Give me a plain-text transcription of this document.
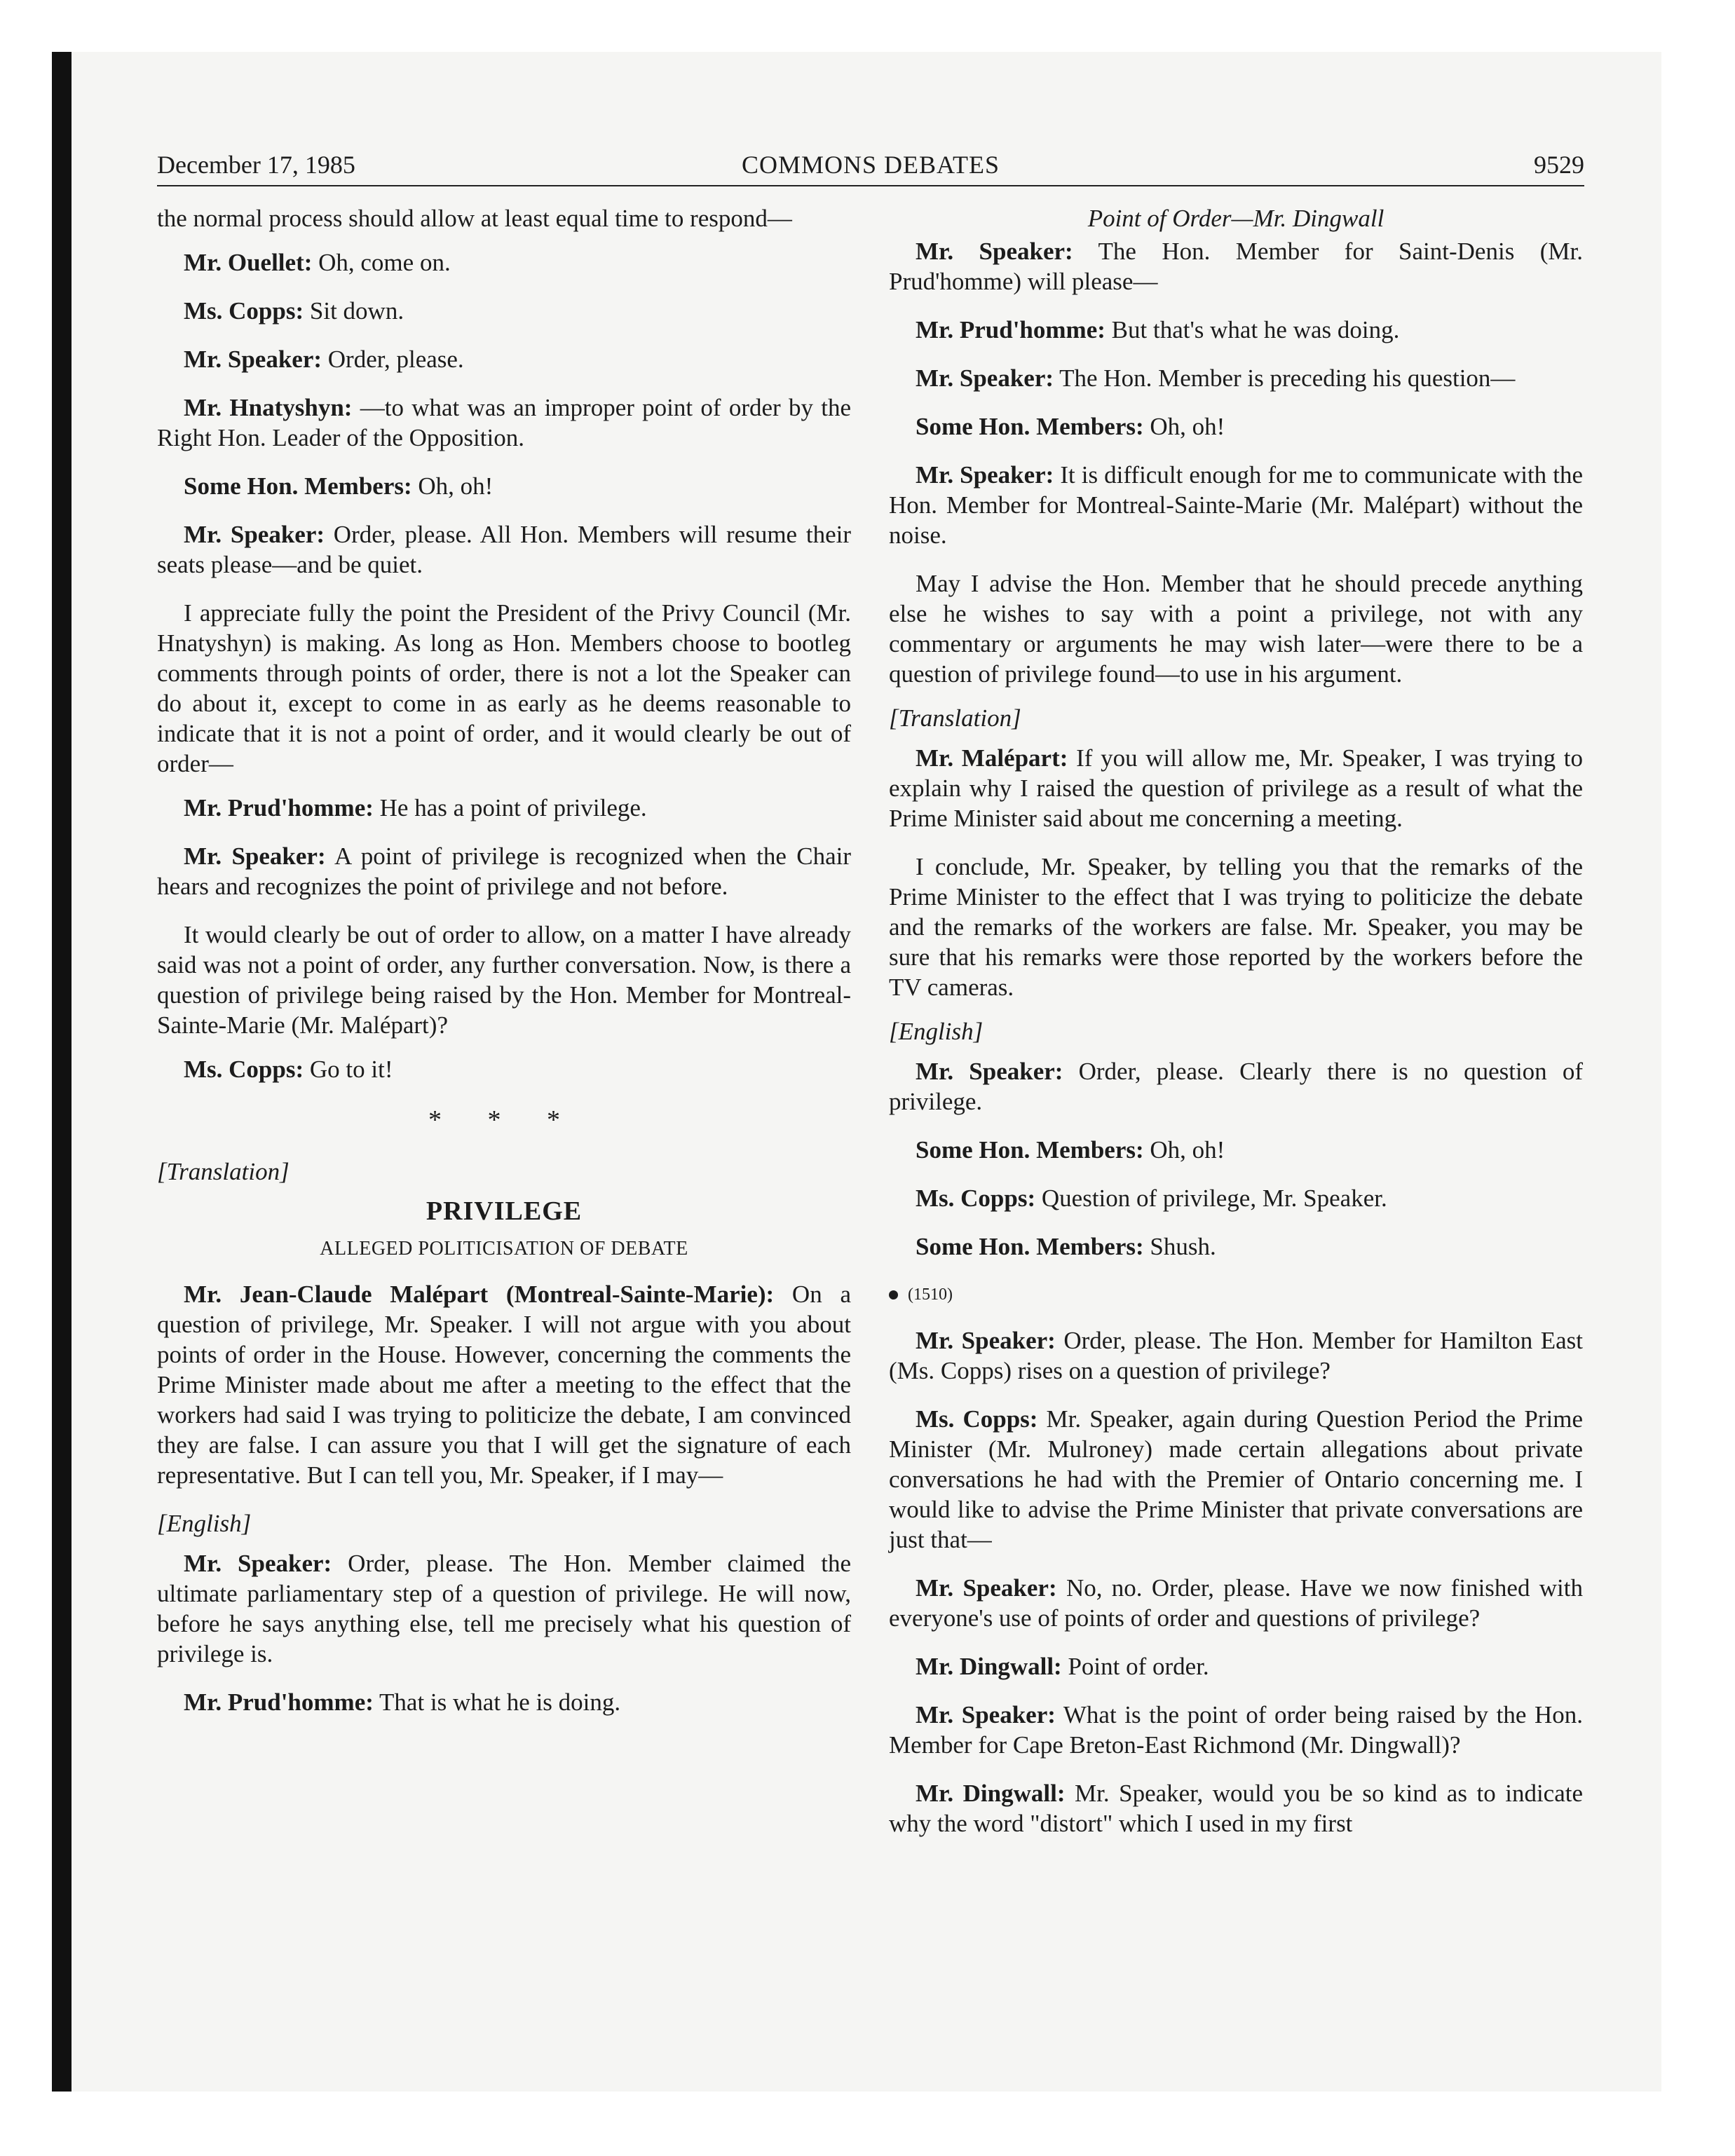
December 17, 1985	COMMONS DEBATES	9529

the normal process should allow at least equal time to respond—

Mr. Ouellet: Oh, come on.

Ms. Copps: Sit down.

Mr. Speaker: Order, please.

Mr. Hnatyshyn: —to what was an improper point of order by the Right Hon. Leader of the Opposition.

Some Hon. Members: Oh, oh!

Mr. Speaker: Order, please. All Hon. Members will resume their seats please—and be quiet.

I appreciate fully the point the President of the Privy Council (Mr. Hnatyshyn) is making. As long as Hon. Members choose to bootleg comments through points of order, there is not a lot the Speaker can do about it, except to come in as early as he deems reasonable to indicate that it is not a point of order, and it would clearly be out of order—

Mr. Prud'homme: He has a point of privilege.

Mr. Speaker: A point of privilege is recognized when the Chair hears and recognizes the point of privilege and not before.

It would clearly be out of order to allow, on a matter I have already said was not a point of order, any further conversation. Now, is there a question of privilege being raised by the Hon. Member for Montreal-Sainte-Marie (Mr. Malépart)?

Ms. Copps: Go to it!

* * *
[Translation]
PRIVILEGE
ALLEGED POLITICISATION OF DEBATE

Mr. Jean-Claude Malépart (Montreal-Sainte-Marie): On a question of privilege, Mr. Speaker. I will not argue with you about points of order in the House. However, concerning the comments the Prime Minister made about me after a meeting to the effect that the workers had said I was trying to politicize the debate, I am convinced they are false. I can assure you that I will get the signature of each representative. But I can tell you, Mr. Speaker, if I may—

[English]

Mr. Speaker: Order, please. The Hon. Member claimed the ultimate parliamentary step of a question of privilege. He will now, before he says anything else, tell me precisely what his question of privilege is.

Mr. Prud'homme: That is what he is doing.

Point of Order—Mr. Dingwall

Mr. Speaker: The Hon. Member for Saint-Denis (Mr. Prud'homme) will please—

Mr. Prud'homme: But that's what he was doing.

Mr. Speaker: The Hon. Member is preceding his question—

Some Hon. Members: Oh, oh!

Mr. Speaker: It is difficult enough for me to communicate with the Hon. Member for Montreal-Sainte-Marie (Mr. Malépart) without the noise.

May I advise the Hon. Member that he should precede anything else he wishes to say with a point a privilege, not with any commentary or arguments he may wish later—were there to be a question of privilege found—to use in his argument.

[Translation]

Mr. Malépart: If you will allow me, Mr. Speaker, I was trying to explain why I raised the question of privilege as a result of what the Prime Minister said about me concerning a meeting.

I conclude, Mr. Speaker, by telling you that the remarks of the Prime Minister to the effect that I was trying to politicize the debate and the remarks of the workers are false. Mr. Speaker, you may be sure that his remarks were those reported by the workers before the TV cameras.

[English]

Mr. Speaker: Order, please. Clearly there is no question of privilege.

Some Hon. Members: Oh, oh!

Ms. Copps: Question of privilege, Mr. Speaker.

Some Hon. Members: Shush.

(1510)

Mr. Speaker: Order, please. The Hon. Member for Hamilton East (Ms. Copps) rises on a question of privilege?

Ms. Copps: Mr. Speaker, again during Question Period the Prime Minister (Mr. Mulroney) made certain allegations about private conversations he had with the Premier of Ontario concerning me. I would like to advise the Prime Minister that private conversations are just that—

Mr. Speaker: No, no. Order, please. Have we now finished with everyone's use of points of order and questions of privilege?

Mr. Dingwall: Point of order.

Mr. Speaker: What is the point of order being raised by the Hon. Member for Cape Breton-East Richmond (Mr. Dingwall)?

Mr. Dingwall: Mr. Speaker, would you be so kind as to indicate why the word "distort" which I used in my first
